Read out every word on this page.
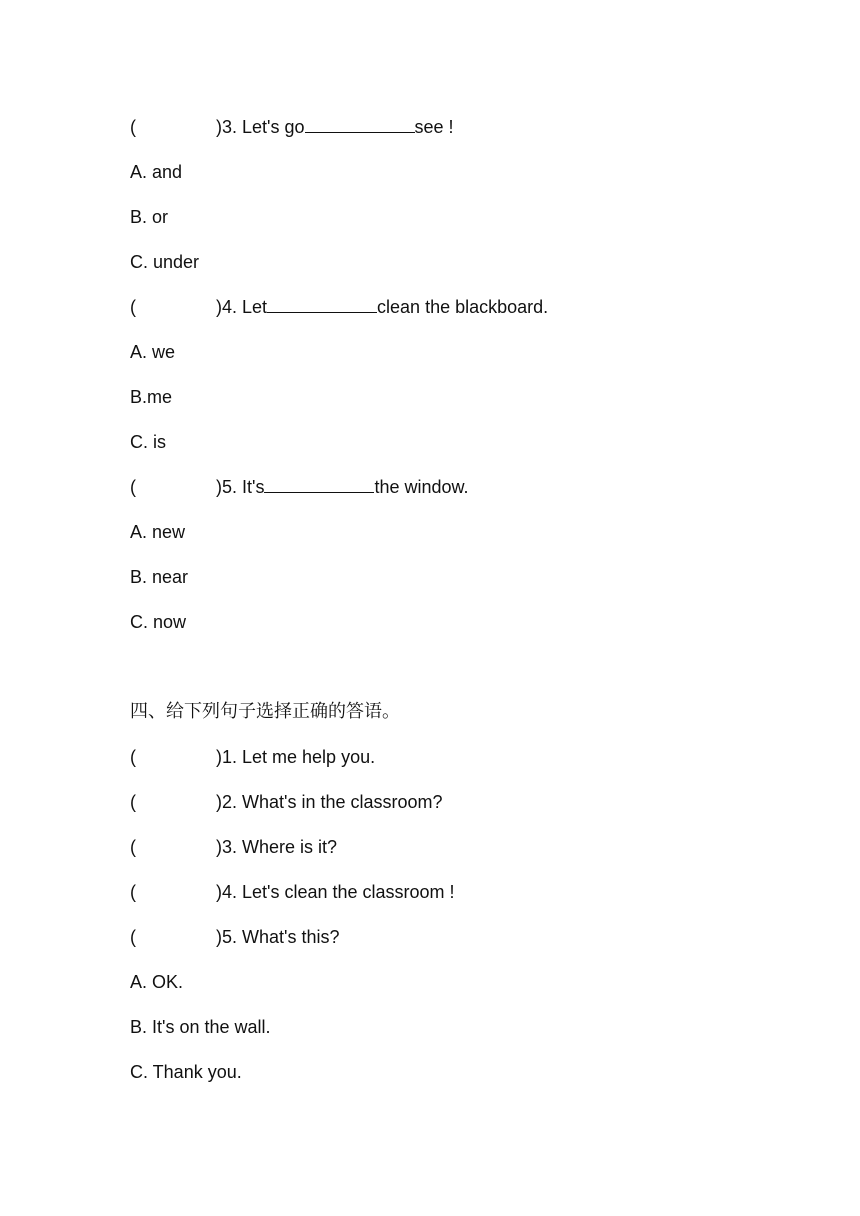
(	)3. Let's go	see !
A. and
B. or
C. under
(	)4. Let	clean the blackboard.
A. we
B.me
C. is
(	)5. It's	the window.
A. new
B. near
C. now
四、给下列句子选择正确的答语。
(	)1. Let me help you.
(	)2. What's in the classroom?
(	)3. Where is it?
(	)4. Let's clean the classroom !
(	)5. What's this?
A. OK.
B. It's on the wall.
C. Thank you.
